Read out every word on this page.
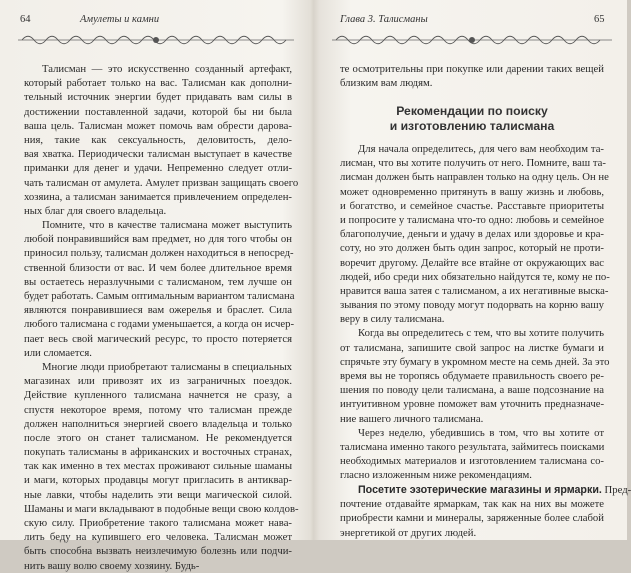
64	Амулеты и камни
Талисман — это искусственно созданный артефакт,
который работает только на вас. Талисман как дополни-
тельный источник энергии будет придавать вам силы в
достижении поставленной задачи, которой бы ни была
ваша цель. Талисман может помочь вам обрести дарова-
ния, такие как сексуальность, деловитость, дело-
вая хватка. Периодически талисман выступает в качестве
приманки для денег и удачи. Непременно следует отли-
чать талисман от амулета. Амулет призван защищать своего
хозяина, а талисман занимается привлечением определен-
ных благ для своего владельца.
Помните, что в качестве талисмана может выступить
любой понравившийся вам предмет, но для того чтобы он
приносил пользу, талисман должен находиться в непосред-
ственной близости от вас. И чем более длительное время
вы остаетесь неразлучными с талисманом, тем лучше он
будет работать. Самым оптимальным вариантом талисмана
являются понравившиеся вам ожерелья и браслет. Сила
любого талисмана с годами уменьшается, а когда он исчер-
пает весь свой магический ресурс, то просто потеряется
или сломается.
Многие люди приобретают талисманы в специальных
магазинах или привозят их из заграничных поездок.
Действие купленного талисмана начнется не сразу, а
спустя некоторое время, потому что талисман прежде
должен наполниться энергией своего владельца и только
после этого он станет талисманом. Не рекомендуется
покупать талисманы в африканских и восточных странах,
так как именно в тех местах проживают сильные шаманы
и маги, которых продавцы могут пригласить в антиквар-
ные лавки, чтобы наделить эти вещи магической силой.
Шаманы и маги вкладывают в подобные вещи свою колдов-
скую силу. Приобретение такого талисмана может нава-
лить беду на купившего его человека. Талисман может
быть способна вызвать неизлечимую болезнь или подчи-
нить вашу волю своему хозяину. Будь-
Глава 3. Талисманы	65
те осмотрительны при покупке или дарении таких вещей
близким вам людям.
Рекомендации по поиску
и изготовлению талисмана
Для начала определитесь, для чего вам необходим та-
лисман, что вы хотите получить от него. Помните, ваш та-
лисман должен быть направлен только на одну цель. Он не
может одновременно притянуть в вашу жизнь и любовь,
и богатство, и семейное счастье. Расставьте приоритеты
и попросите у талисмана что-то одно: любовь и семейное
благополучие, деньги и удачу в делах или здоровье и кра-
соту, но это должен быть один запрос, который не проти-
воречит другому. Делайте все втайне от окружающих вас
людей, ибо среди них обязательно найдутся те, кому не по-
нравится ваша затея с талисманом, а их негативные выска-
зывания по этому поводу могут подорвать на корню вашу
веру в силу талисмана.
Когда вы определитесь с тем, что вы хотите получить
от талисмана, запишите свой запрос на листке бумаги и
спрячьте эту бумагу в укромном месте на семь дней. За это
время вы не торопясь обдумаете правильность своего ре-
шения по поводу цели талисмана, а ваше подсознание на
интуитивном уровне поможет вам уточнить предназначе-
ние вашего личного талисмана.
Через неделю, убедившись в том, что вы хотите от
талисмана именно такого результата, займитесь поисками
необходимых материалов и изготовлением талисмана со-
гласно изложенным ниже рекомендациям.
Посетите эзотерические магазины и ярмарки. Пред-
почтение отдавайте ярмаркам, так как на них вы можете
приобрести камни и минералы, заряженные более слабой
энергетикой от других людей.
